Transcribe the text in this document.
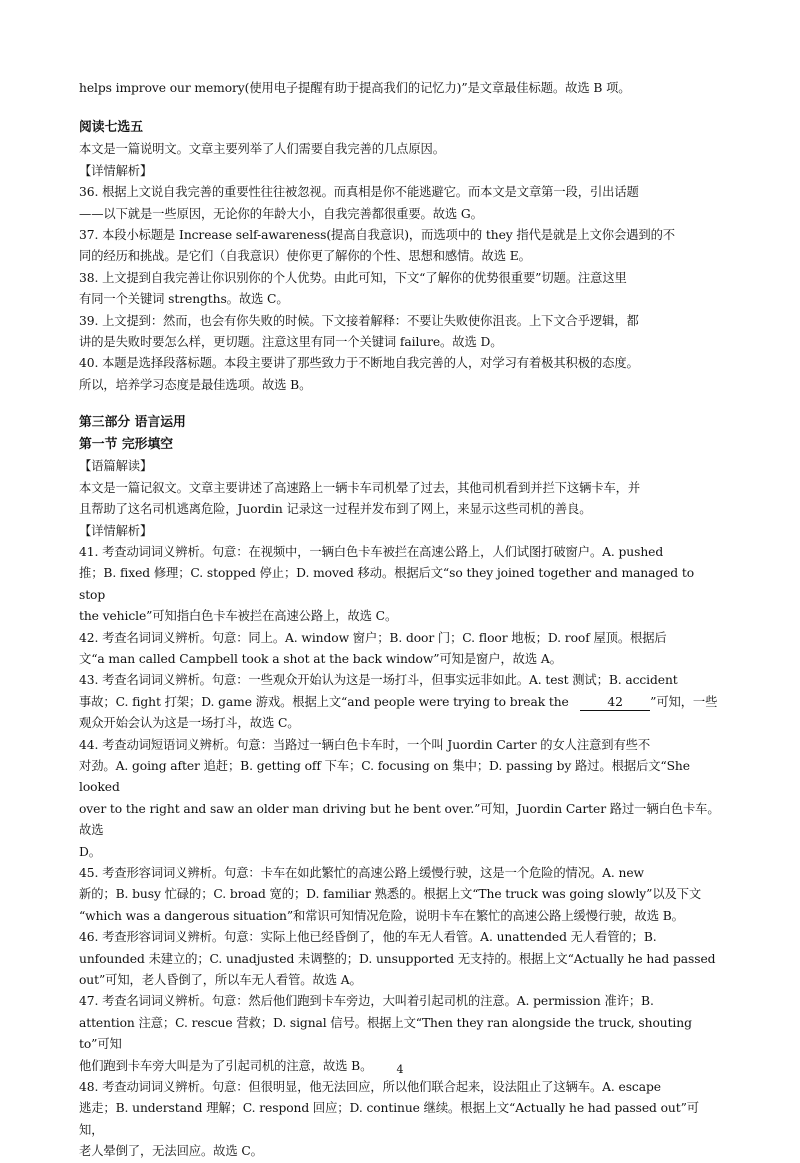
helps improve our memory(使用电子提醒有助于提高我们的记忆力)”是文章最佳标题。故选 B 项。

阅读七选五

本文是一篇说明文。文章主要列举了人们需要自我完善的几点原因。

【详情解析】

36. 根据上文说自我完善的重要性往往被忽视。而真相是你不能逃避它。而本文是文章第一段，引出话题

——以下就是一些原因，无论你的年龄大小，自我完善都很重要。故选 G。

37. 本段小标题是 Increase self-awareness(提高自我意识)，而选项中的 they 指代是就是上文你会遇到的不

同的经历和挑战。是它们（自我意识）使你更了解你的个性、思想和感情。故选 E。

38. 上文提到自我完善让你识别你的个人优势。由此可知，下文“了解你的优势很重要”切题。注意这里

有同一个关键词 strengths。故选 C。

39. 上文提到：然而，也会有你失败的时候。下文接着解释：不要让失败使你沮丧。上下文合乎逻辑，都

讲的是失败时要怎么样，更切题。注意这里有同一个关键词 failure。故选 D。

40. 本题是选择段落标题。本段主要讲了那些致力于不断地自我完善的人，对学习有着极其积极的态度。

所以，培养学习态度是最佳选项。故选 B。

第三部分 语言运用

第一节 完形填空

【语篇解读】

本文是一篇记叙文。文章主要讲述了高速路上一辆卡车司机晕了过去，其他司机看到并拦下这辆卡车，并

且帮助了这名司机逃离危险，Juordin 记录这一过程并发布到了网上，来显示这些司机的善良。

【详情解析】

41. 考查动词词义辨析。句意：在视频中，一辆白色卡车被拦在高速公路上，人们试图打破窗户。A. pushed

推；B. fixed 修理；C. stopped 停止；D. moved 移动。根据后文“so they joined together and managed to stop

the vehicle”可知指白色卡车被拦在高速公路上，故选 C。

42. 考查名词词义辨析。句意：同上。A. window 窗户；B. door 门；C. floor 地板；D. roof 屋顶。根据后

文“a man called Campbell took a shot at the back window”可知是窗户，故选 A。

43. 考查名词词义辨析。句意：一些观众开始认为这是一场打斗，但事实远非如此。A. test 测试；B. accident

事故；C. fight 打架；D. game 游戏。根据上文“and people were trying to break the	42 ”可知，一些

观众开始会认为这是一场打斗，故选 C。

44. 考查动词短语词义辨析。句意：当路过一辆白色卡车时，一个叫 Juordin Carter 的女人注意到有些不

对劲。A. going after 追赶；B. getting off 下车；C. focusing on 集中；D. passing by 路过。根据后文“She looked

over to the right and saw an older man driving but he bent over.”可知，Juordin Carter 路过一辆白色卡车。故选

D。

45. 考查形容词词义辨析。句意：卡车在如此繁忙的高速公路上缓慢行驶，这是一个危险的情况。A. new

新的；B. busy 忙碌的；C. broad 宽的；D. familiar 熟悉的。根据上文“The truck was going slowly”以及下文

“which was a dangerous situation”和常识可知情况危险，说明卡车在繁忙的高速公路上缓慢行驶，故选 B。

46. 考查形容词词义辨析。句意：实际上他已经昏倒了，他的车无人看管。A. unattended 无人看管的；B.

unfounded 未建立的；C. unadjusted 未调整的；D. unsupported 无支持的。根据上文“Actually he had passed

out”可知，老人昏倒了，所以车无人看管。故选 A。

47. 考查名词词义辨析。句意：然后他们跑到卡车旁边，大叫着引起司机的注意。A. permission 准许；B.

attention 注意；C. rescue 营救；D. signal 信号。根据上文“Then they ran alongside the truck, shouting to”可知

他们跑到卡车旁大叫是为了引起司机的注意，故选 B。

48. 考查动词词义辨析。句意：但很明显，他无法回应，所以他们联合起来，设法阻止了这辆车。A. escape

逃走；B. understand 理解；C. respond 回应；D. continue 继续。根据上文“Actually he had passed out”可知，

老人晕倒了，无法回应。故选 C。

4
